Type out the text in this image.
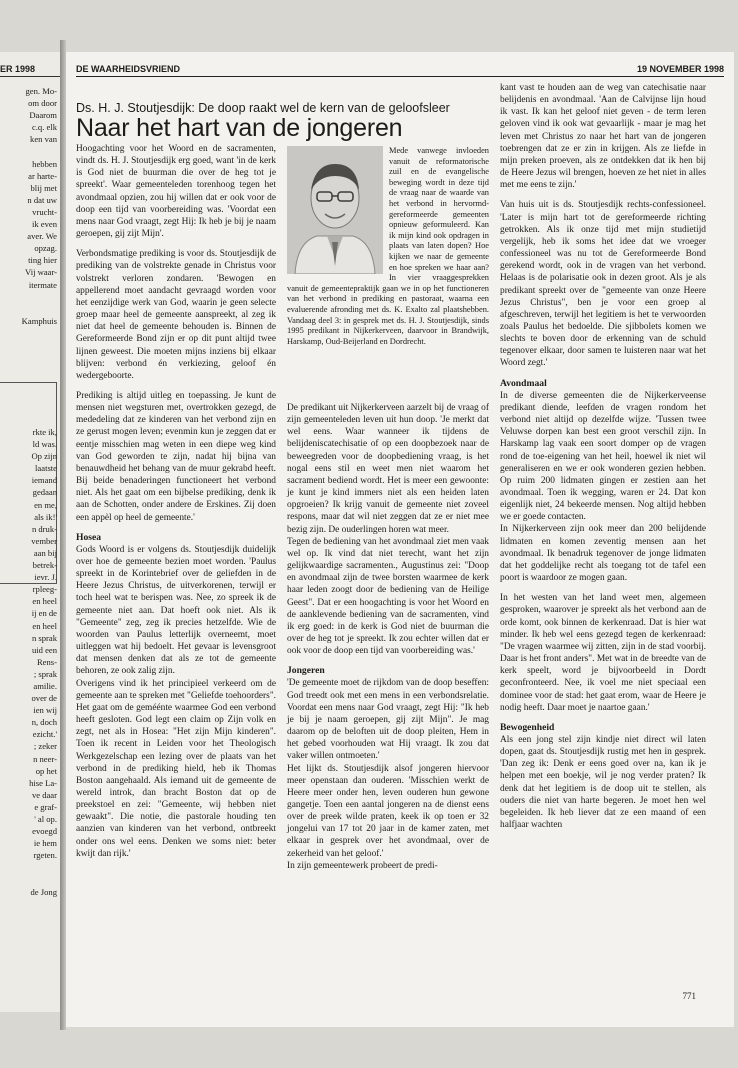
ER 1998
gen. Mo-
om door
Daarom
c.q. elk
ken van

hebben
ar harte-
blij met
n dat uw
vrucht-
ik even
aver. We
opzag.
ting hier
Vij waar-
itermate

Kamphuis
rkte ik,
ld was.
Op zijn
laatste
iemand
gedaan
en me,
als ik!'
n druk-
vember
aan bij
betrek-
ievr. J.
rpleeg-
en heel
ij en de
en heel
n sprak
uid een
Rens-
; sprak
amilie.
over de
ien wij
n, doch
ezicht.'
; zeker
n neer-
op het
hise La-
ve daar
e graf-
' al op.
evoegd
ie hem
rgeten.

de Jong
DE WAARHEIDSVRIEND	19 NOVEMBER 1998
Ds. H. J. Stoutjesdijk: De doop raakt wel de kern van de geloofsleer
Naar het hart van de jongeren

Hoogachting voor het Woord en de sacramenten, vindt ds. H. J. Stoutjesdijk erg goed, want 'in de kerk is God niet de buurman die over de heg tot je spreekt'. Waar gemeenteleden torenhoog tegen het avondmaal opzien, zou hij willen dat er ook voor de doop een tijd van voorbereiding was. 'Voordat een mens naar God vraagt, zegt Hij: Ik heb je bij je naam geroepen, gij zijt Mijn'.

Verbondsmatige prediking is voor ds. Stoutjesdijk de prediking van de volstrekte genade in Christus voor volstrekt verloren zondaren. 'Bewogen en appellerend moet aandacht gevraagd worden voor het eenzijdige werk van God, waarin je geen selecte groep maar heel de gemeente aanspreekt, al zeg ik niet dat heel de gemeente behouden is. Binnen de Gereformeerde Bond zijn er op dit punt altijd twee lijnen geweest. Die moeten mijns inziens bij elkaar blijven: verbond én verkiezing, geloof én wedergeboorte.

Prediking is altijd uitleg en toepassing. Je kunt de mensen niet wegsturen met, overtrokken gezegd, de mededeling dat ze kinderen van het verbond zijn en ze gerust mogen leven; evenmin kun je zeggen dat er eentje misschien mag weten in een diepe weg kind van God geworden te zijn, nadat hij bijna van benauwdheid het behang van de muur gekrabd heeft. Bij beide benaderingen functioneert het verbond niet. Als het gaat om een bijbelse prediking, denk ik aan de Schotten, onder andere de Erskines. Zij doen een appèl op heel de gemeente.'

Hosea

Gods Woord is er volgens ds. Stoutjesdijk duidelijk over hoe de gemeente bezien moet worden. 'Paulus spreekt in de Korintebrief over de geliefden in de Heere Jezus Christus, de uitverkorenen, terwijl er toch heel wat te berispen was. Nee, zo spreek ik de gemeente niet aan. Dat hoeft ook niet. Als ik "Gemeente" zeg, zeg ik precies hetzelfde. Wie de woorden van Paulus letterlijk overneemt, moet uitleggen wat hij bedoelt. Het gevaar is levensgroot dat mensen denken dat als ze tot de gemeente behoren, ze ook zalig zijn.

Overigens vind ik het principieel verkeerd om de gemeente aan te spreken met "Geliefde toehoorders". Het gaat om de geméénte waarmee God een verbond heeft gesloten. God legt een claim op Zijn volk en zegt, net als in Hosea: "Het zijn Mijn kinderen". Toen ik recent in Leiden voor het Theologisch Werkgezelschap een lezing over de plaats van het verbond in de prediking hield, heb ik Thomas Boston aangehaald. Als iemand uit de gemeente de wereld introk, dan bracht Boston dat op de preekstoel en zei: "Gemeente, wij hebben niet gewaakt". Die notie, die pastorale houding ten aanzien van kinderen van het verbond, ontbreekt onder ons wel eens. Denken we soms niet: beter kwijt dan rijk.'

Mede vanwege invloeden vanuit de reformatorische zuil en de evangelische beweging wordt in deze tijd de vraag naar de waarde van het verbond in hervormd-gereformeerde gemeenten opnieuw geformuleerd. Kan ik mijn kind ook opdragen in plaats van laten dopen? Hoe kijken we naar de gemeente en hoe spreken we haar aan? In vier vraaggesprekken vanuit de gemeentepraktijk gaan we in op het functioneren van het verbond in prediking en pastoraat, waarna een evaluerende afronding met ds. K. Exalto zal plaatshebben. Vandaag deel 3: in gesprek met ds. H. J. Stoutjesdijk, sinds 1995 predikant in Nijkerkerveen, daarvoor in Brandwijk, Harskamp, Oud-Beijerland en Dordrecht.

De predikant uit Nijkerkerveen aarzelt bij de vraag of zijn gemeenteleden leven uit hun doop. 'Je merkt dat wel eens. Waar wanneer ik tijdens de belijdeniscatechisatie of op een doopbezoek naar de beweegreden voor de doopbediening vraag, is het nogal eens stil en weet men niet waarom het sacrament bediend wordt. Het is meer een gewoonte: je kunt je kind immers niet als een heiden laten opgroeien? Ik krijg vanuit de gemeente niet zoveel respons, maar dat wil niet zeggen dat ze er niet mee bezig zijn. De ouderlingen horen wat meer.

Tegen de bediening van het avondmaal ziet men vaak wel op. Ik vind dat niet terecht, want het zijn gelijkwaardige sacramenten., Augustinus zei: "Doop en avondmaal zijn de twee borsten waarmee de kerk haar leden zoogt door de bediening van de Heilige Geest". Dat er een hoogachting is voor het Woord en de aanklevende bediening van de sacramenten, vind ik erg goed: in de kerk is God niet de buurman die over de heg tot je spreekt. Ik zou echter willen dat er ook voor de doop een tijd van voorbereiding was.'

Jongeren

'De gemeente moet de rijkdom van de doop beseffen: God treedt ook met een mens in een verbondsrelatie. Voordat een mens naar God vraagt, zegt Hij: "Ik heb je bij je naam geroepen, gij zijt Mijn". Je mag daarom op de beloften uit de doop pleiten, Hem in het gebed voorhouden wat Hij vraagt. Ik zou dat vaker willen ontmoeten.'

Het lijkt ds. Stoutjesdijk alsof jongeren hiervoor meer openstaan dan ouderen. 'Misschien werkt de Heere meer onder hen, leven ouderen hun gewone gangetje. Toen een aantal jongeren na de dienst eens over de preek wilde praten, keek ik op toen er 32 jongelui van 17 tot 20 jaar in de kamer zaten, met elkaar in gesprek over het avondmaal, over de zekerheid van het geloof.'

In zijn gemeentewerk probeert de predi-

kant vast te houden aan de weg van catechisatie naar belijdenis en avondmaal. 'Aan de Calvijnse lijn houd ik vast. Ik kan het geloof niet geven - de term leren geloven vind ik ook wat gevaarlijk - maar je mag het leven met Christus zo naar het hart van de jongeren toebrengen dat ze er zin in krijgen. Als ze liefde in mijn preken proeven, als ze ontdekken dat ik hen bij de Heere Jezus wil brengen, hoeven ze het niet in alles met me eens te zijn.'

Van huis uit is ds. Stoutjesdijk rechts-confessioneel. 'Later is mijn hart tot de gereformeerde richting getrokken. Als ik onze tijd met mijn studietijd vergelijk, heb ik soms het idee dat we vroeger confessioneel was nu tot de Gereformeerde Bond gerekend wordt, ook in de vragen van het verbond. Helaas is de polarisatie ook in dezen groot. Als je als predikant spreekt over de "gemeente van onze Heere Jezus Christus", ben je voor een groep al afgeschreven, terwijl het legitiem is het te verwoorden zoals Paulus het bedoelde. Die sjibbolets komen we slechts te boven door de erkenning van de schuld tegenover elkaar, door samen te luisteren naar wat het Woord zegt.'

Avondmaal

In de diverse gemeenten die de Nijkerkerveense predikant diende, leefden de vragen rondom het verbond niet altijd op dezelfde wijze. 'Tussen twee Veluwse dorpen kan best een groot verschil zijn. In Harskamp lag vaak een soort domper op de vragen rond de toe-eigening van het heil, hoewel ik niet wil generaliseren en we er ook wonderen gezien hebben. Op ruim 200 lidmaten gingen er zestien aan het avondmaal. Toen ik wegging, waren er 24. Dat kon eigenlijk niet, 24 bekeerde mensen. Nog altijd hebben we er goede contacten.

In Nijkerkerveen zijn ook meer dan 200 belijdende lidmaten en komen zeventig mensen aan het avondmaal. Ik benadruk tegenover de jonge lidmaten dat het goddelijke recht als toegang tot de tafel een poort is waardoor ze mogen gaan.

In het westen van het land weet men, algemeen gesproken, waarover je spreekt als het verbond aan de orde komt, ook binnen de kerkenraad. Dat is hier wat minder. Ik heb wel eens gezegd tegen de kerkenraad: "De vragen waarmee wij zitten, zijn in de stad voorbij. Daar is het front anders". Met wat in de breedte van de kerk speelt, word je bijvoorbeeld in Dordt geconfronteerd. Nee, ik voel me niet speciaal een dominee voor de stad: het gaat erom, waar de Heere je nodig heeft. Daar moet je naartoe gaan.'

Bewogenheid

Als een jong stel zijn kindje niet direct wil laten dopen, gaat ds. Stoutjesdijk rustig met hen in gesprek. 'Dan zeg ik: Denk er eens goed over na, kan ik je helpen met een boekje, wil je nog verder praten? Ik denk dat het legitiem is de doop uit te stellen, als ouders die niet van harte begeren. Je moet hen wel begeleiden. Ik heb liever dat ze een maand of een halfjaar wachten

771
